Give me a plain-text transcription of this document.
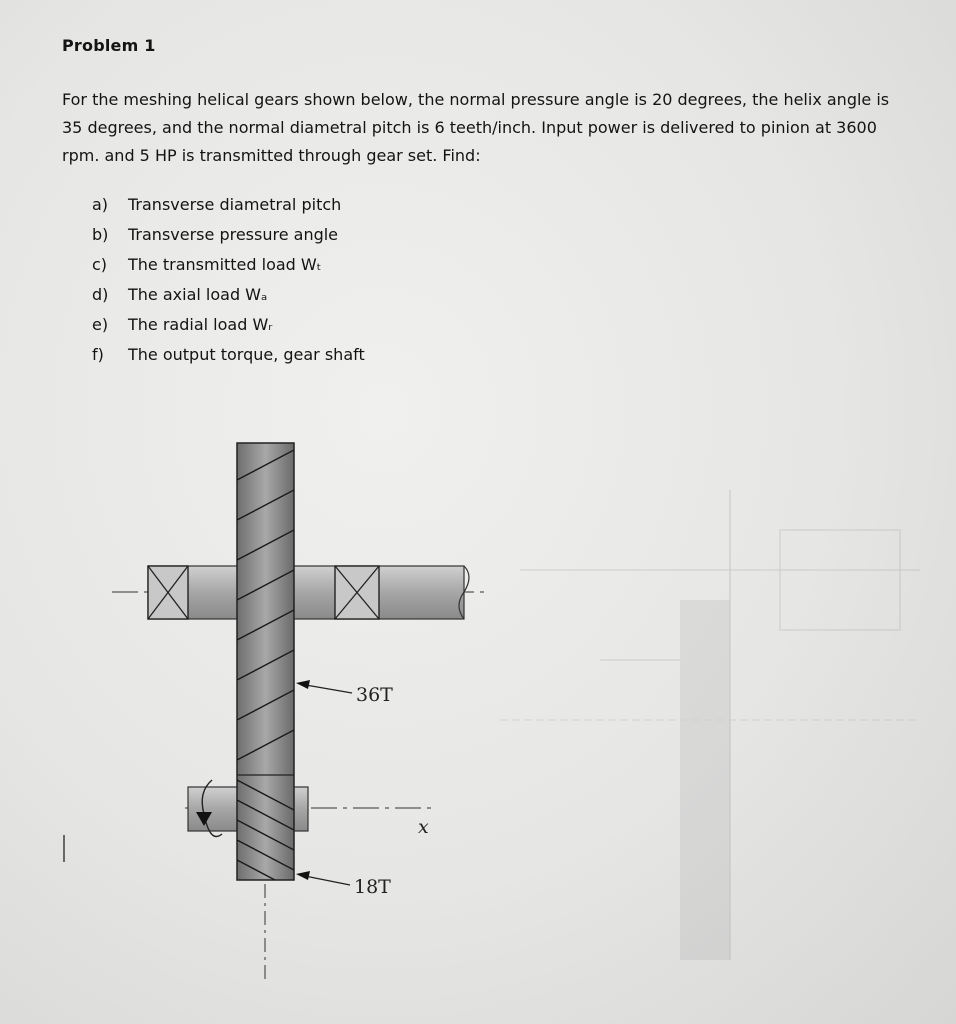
Problem 1
For the meshing helical gears shown below, the normal pressure angle is 20 degrees, the helix angle is
35 degrees, and the normal diametral pitch is 6 teeth/inch. Input power is delivered to pinion at 3600
rpm. and 5 HP is transmitted through gear set. Find:
a) Transverse diametral pitch
b) Transverse pressure angle
c) The transmitted load Wₜ
d) The axial load Wₐ
e) The radial load Wᵣ
f) The output torque, gear shaft
36T
18T
x
